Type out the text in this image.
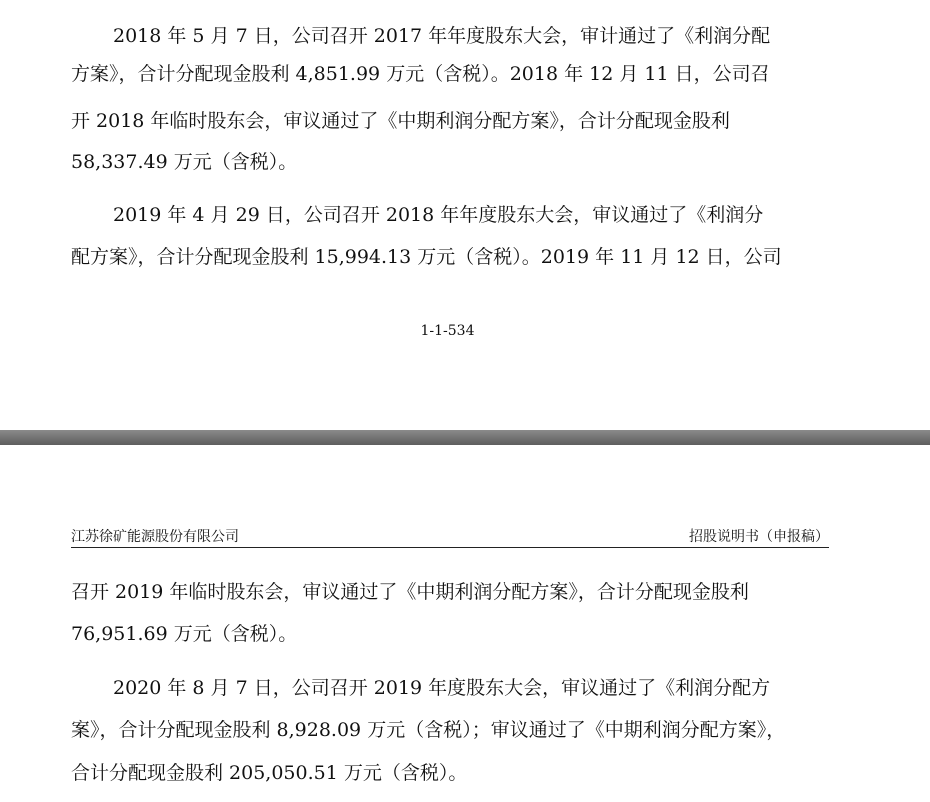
2018 年 5 月 7 日，公司召开 2017 年年度股东大会，审计通过了《利润分配

方案》，合计分配现金股利 4,851.99 万元（含税）。2018 年 12 月 11 日，公司召

开 2018 年临时股东会，审议通过了《中期利润分配方案》，合计分配现金股利

58,337.49 万元（含税）。

2019 年 4 月 29 日，公司召开 2018 年年度股东大会，审议通过了《利润分

配方案》，合计分配现金股利 15,994.13 万元（含税）。2019 年 11 月 12 日，公司

1-1-534
江苏徐矿能源股份有限公司	招股说明书（申报稿）

召开 2019 年临时股东会，审议通过了《中期利润分配方案》，合计分配现金股利

76,951.69 万元（含税）。

2020 年 8 月 7 日，公司召开 2019 年度股东大会，审议通过了《利润分配方

案》，合计分配现金股利 8,928.09 万元（含税）；审议通过了《中期利润分配方案》，

合计分配现金股利 205,050.51 万元（含税）。
